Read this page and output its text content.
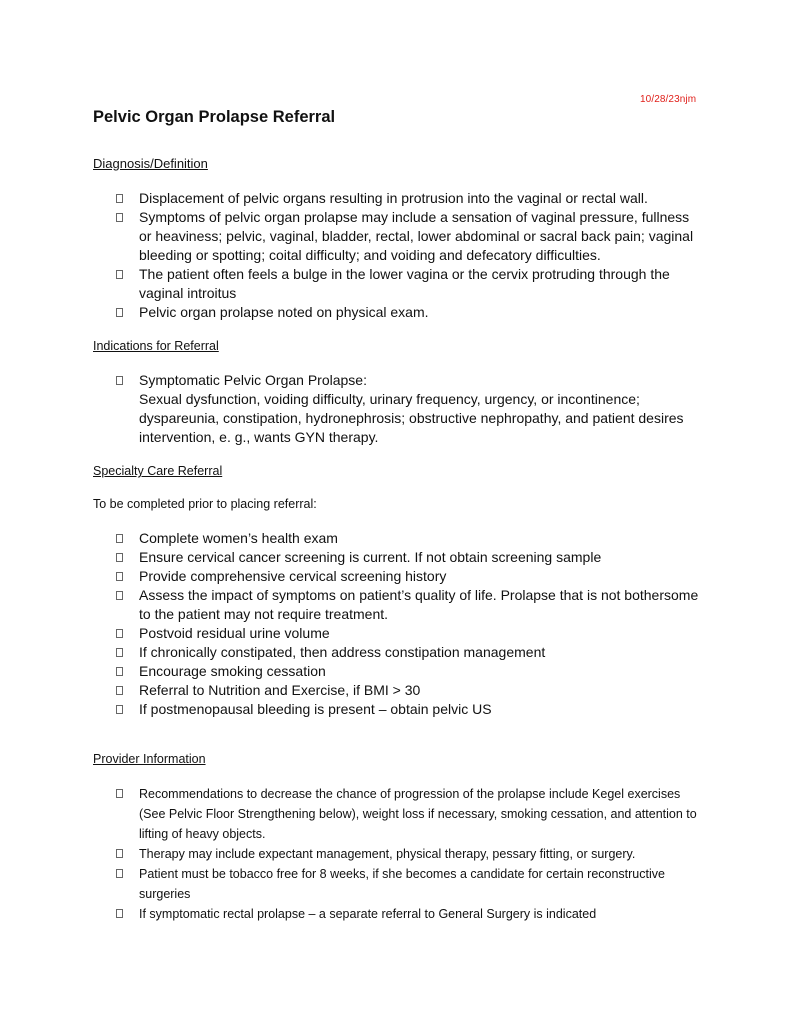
10/28/23njm
Pelvic Organ Prolapse Referral
Diagnosis/Definition
Displacement of pelvic organs resulting in protrusion into the vaginal or rectal wall.
Symptoms of pelvic organ prolapse may include a sensation of vaginal pressure, fullness or heaviness; pelvic, vaginal, bladder, rectal, lower abdominal or sacral back pain; vaginal bleeding or spotting; coital difficulty; and voiding and defecatory difficulties.
The patient often feels a bulge in the lower vagina or the cervix protruding through the vaginal introitus
Pelvic organ prolapse noted on physical exam.
Indications for Referral
Symptomatic Pelvic Organ Prolapse:
Sexual dysfunction, voiding difficulty, urinary frequency, urgency, or incontinence; dyspareunia, constipation, hydronephrosis; obstructive nephropathy, and patient desires intervention, e. g., wants GYN therapy.
Specialty Care Referral
To be completed prior to placing referral:
Complete women’s health exam
Ensure cervical cancer screening is current. If not obtain screening sample
Provide comprehensive cervical screening history
Assess the impact of symptoms on patient’s quality of life. Prolapse that is not bothersome to the patient may not require treatment.
Postvoid residual urine volume
If chronically constipated, then address constipation management
Encourage smoking cessation
Referral to Nutrition and Exercise, if BMI > 30
If postmenopausal bleeding is present – obtain pelvic US
Provider Information
Recommendations to decrease the chance of progression of the prolapse include Kegel exercises (See Pelvic Floor Strengthening below), weight loss if necessary, smoking cessation, and attention to lifting of heavy objects.
Therapy may include expectant management, physical therapy, pessary fitting, or surgery.
Patient must be tobacco free for 8 weeks, if she becomes a candidate for certain reconstructive surgeries
If symptomatic rectal prolapse – a separate referral to General Surgery is indicated
